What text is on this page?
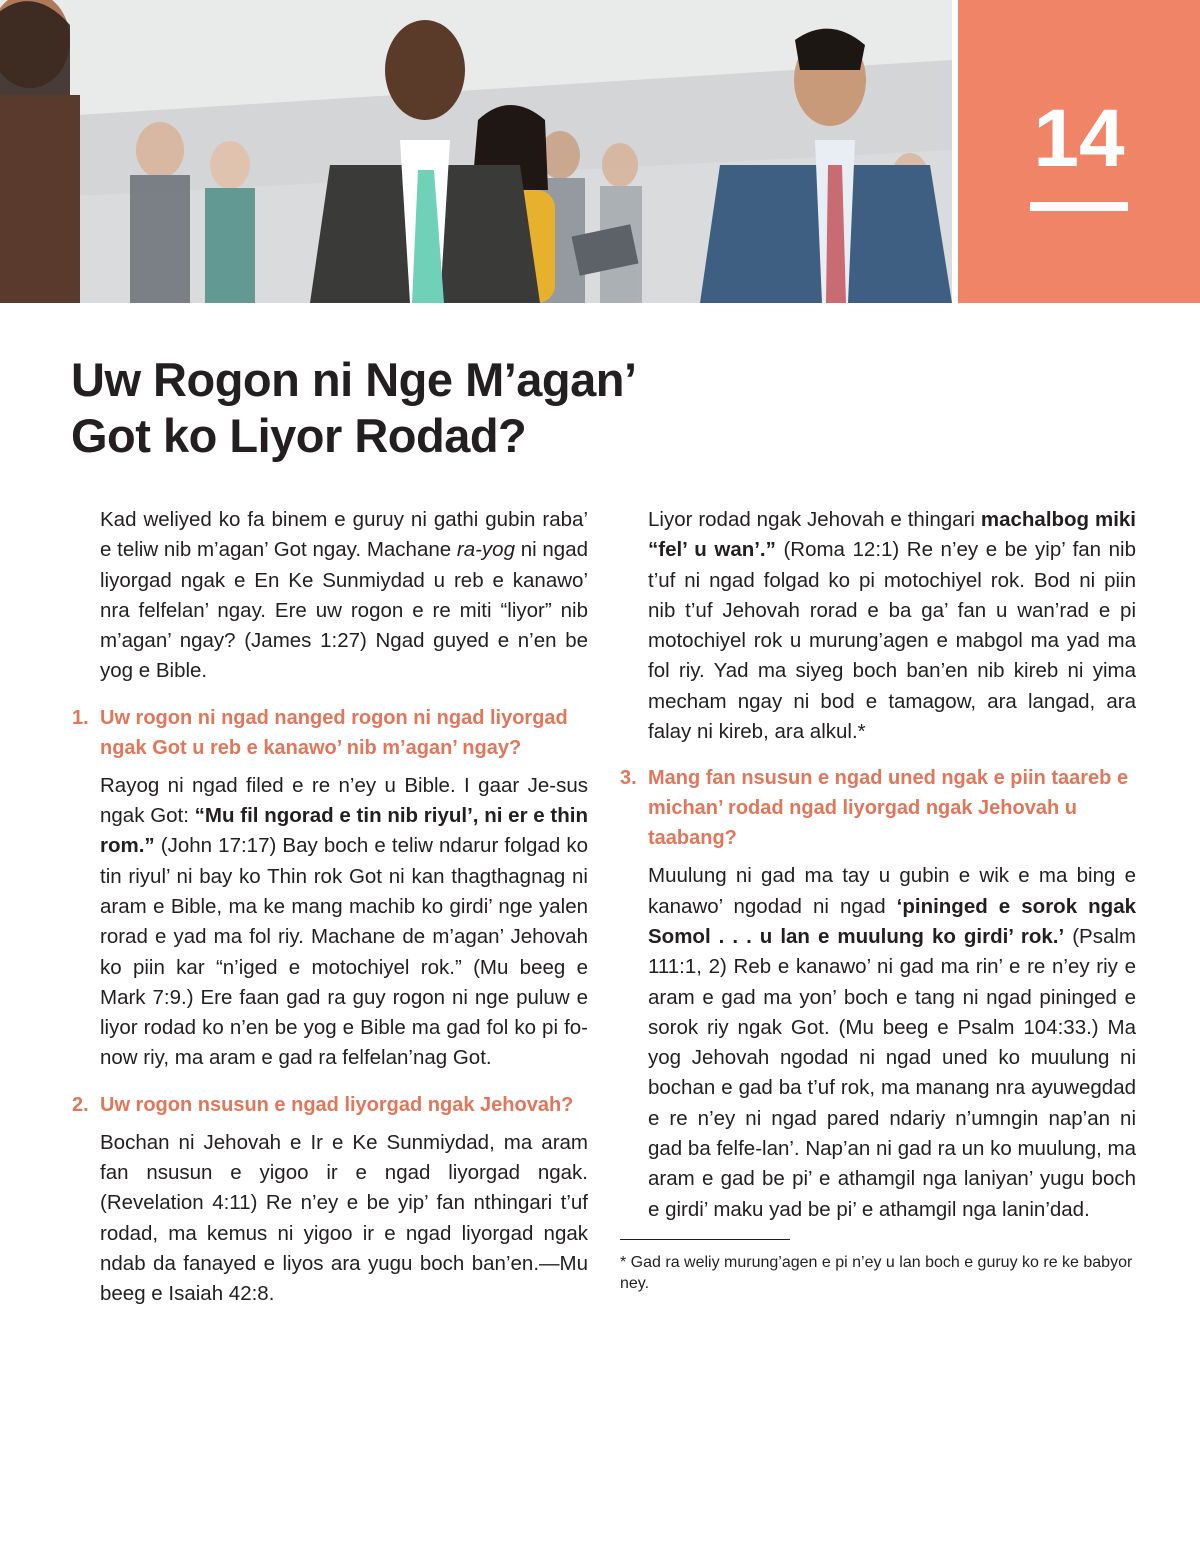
14
Uw Rogon ni Nge M’agan’
Got ko Liyor Rodad?

Kad weliyed ko fa binem e guruy ni gathi gubin raba’ e teliw nib m’agan’ Got ngay. Machane ra-yog ni ngad liyorgad ngak e En Ke Sunmiydad u reb e kanawo’ nra felfelan’ ngay. Ere uw rogon e re miti “liyor” nib m’agan’ ngay? (James 1:27) Ngad guyed e n’en be yog e Bible.

1. Uw rogon ni ngad nanged rogon ni ngad liyorgad ngak Got u reb e kanawo’ nib m’agan’ ngay?

Rayog ni ngad filed e re n’ey u Bible. I gaar Je-sus ngak Got: “Mu fil ngorad e tin nib riyul’, ni er e thin rom.” (John 17:17) Bay boch e teliw ndarur folgad ko tin riyul’ ni bay ko Thin rok Got ni kan thagthagnag ni aram e Bible, ma ke mang machib ko girdi’ nge yalen rorad e yad ma fol riy. Machane de m’agan’ Jehovah ko piin kar “n’iged e motochiyel rok.” (Mu beeg e Mark 7:9.) Ere faan gad ra guy rogon ni nge puluw e liyor rodad ko n’en be yog e Bible ma gad fol ko pi fo-now riy, ma aram e gad ra felfelan’nag Got.

2. Uw rogon nsusun e ngad liyorgad ngak Jehovah?

Bochan ni Jehovah e Ir e Ke Sunmiydad, ma aram fan nsusun e yigoo ir e ngad liyorgad ngak. (Revelation 4:11) Re n’ey e be yip’ fan nthingari t’uf rodad, ma kemus ni yigoo ir e ngad liyorgad ngak ndab da fanayed e liyos ara yugu boch ban’en.—Mu beeg e Isaiah 42:8.

Liyor rodad ngak Jehovah e thingari machalbog miki “fel’ u wan’.” (Roma 12:1) Re n’ey e be yip’ fan nib t’uf ni ngad folgad ko pi motochiyel rok. Bod ni piin nib t’uf Jehovah rorad e ba ga’ fan u wan’rad e pi motochiyel rok u murung’agen e mabgol ma yad ma fol riy. Yad ma siyeg boch ban’en nib kireb ni yima mecham ngay ni bod e tamagow, ara langad, ara falay ni kireb, ara alkul.*

3. Mang fan nsusun e ngad uned ngak e piin taareb e michan’ rodad ngad liyorgad ngak Jehovah u taabang?

Muulung ni gad ma tay u gubin e wik e ma bing e kanawo’ ngodad ni ngad ‘pininged e sorok ngak Somol . . . u lan e muulung ko girdi’ rok.’ (Psalm 111:1, 2) Reb e kanawo’ ni gad ma rin’ e re n’ey riy e aram e gad ma yon’ boch e tang ni ngad pininged e sorok riy ngak Got. (Mu beeg e Psalm 104:33.) Ma yog Jehovah ngodad ni ngad uned ko muulung ni bochan e gad ba t’uf rok, ma manang nra ayuwegdad e re n’ey ni ngad pared ndariy n’umngin nap’an ni gad ba felfe-lan’. Nap’an ni gad ra un ko muulung, ma aram e gad be pi’ e athamgil nga laniyan’ yugu boch e girdi’ maku yad be pi’ e athamgil nga lanin’dad.

* Gad ra weliy murung’agen e pi n’ey u lan boch e guruy ko re ke babyor ney.
